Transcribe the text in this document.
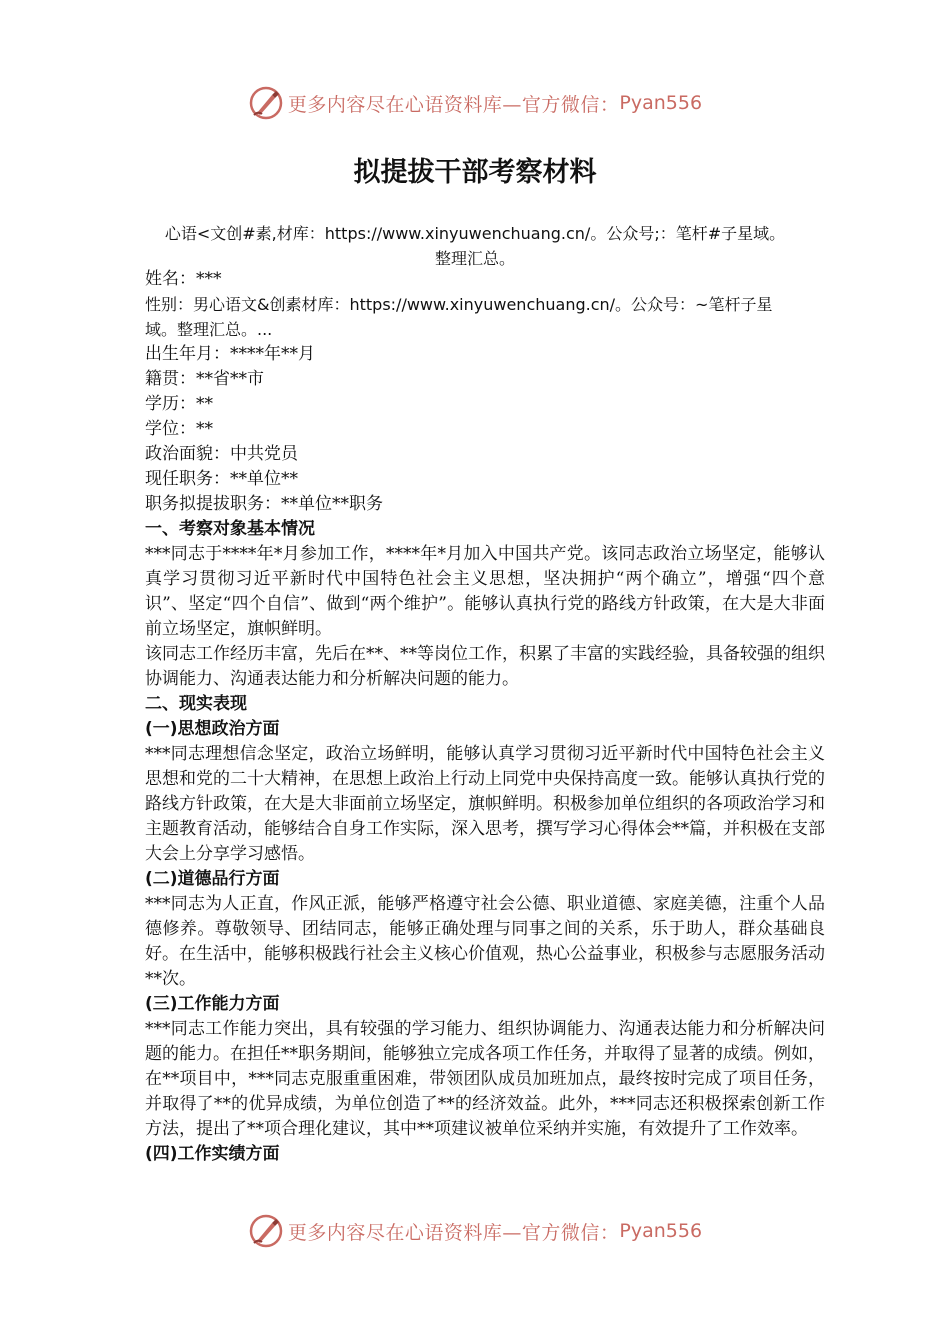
更多内容尽在心语资料库—官方微信： Pyan556
拟提拔干部考察材料
心语<文创#素,材库：https://www.xinyuwenchuang.cn/。公众号;：笔杆#子星域。
整理汇总。
姓名：***
性别：男心语文&创素材库：https://www.xinyuwenchuang.cn/。公众号：~笔杆子星
域。整理汇总。...
出生年月：****年**月
籍贯：**省**市
学历：**
学位：**
政治面貌：中共党员
现任职务：**单位**
职务拟提拔职务：**单位**职务
一、考察对象基本情况
***同志于****年*月参加工作，****年*月加入中国共产党。该同志政治立场坚定，能够认真学习贯彻习近平新时代中国特色社会主义思想，坚决拥护“两个确立”，增强“四个意识”、坚定“四个自信”、做到“两个维护”。能够认真执行党的路线方针政策，在大是大非面前立场坚定，旗帜鲜明。
该同志工作经历丰富，先后在**、**等岗位工作，积累了丰富的实践经验，具备较强的组织协调能力、沟通表达能力和分析解决问题的能力。
二、现实表现
(一)思想政治方面
***同志理想信念坚定，政治立场鲜明，能够认真学习贯彻习近平新时代中国特色社会主义思想和党的二十大精神，在思想上政治上行动上同党中央保持高度一致。能够认真执行党的路线方针政策，在大是大非面前立场坚定，旗帜鲜明。积极参加单位组织的各项政治学习和主题教育活动，能够结合自身工作实际，深入思考，撰写学习心得体会**篇，并积极在支部大会上分享学习感悟。
(二)道德品行方面
***同志为人正直，作风正派，能够严格遵守社会公德、职业道德、家庭美德，注重个人品德修养。尊敬领导、团结同志，能够正确处理与同事之间的关系，乐于助人，群众基础良好。在生活中，能够积极践行社会主义核心价值观，热心公益事业，积极参与志愿服务活动**次。
(三)工作能力方面
***同志工作能力突出，具有较强的学习能力、组织协调能力、沟通表达能力和分析解决问题的能力。在担任**职务期间，能够独立完成各项工作任务，并取得了显著的成绩。例如，在**项目中，***同志克服重重困难，带领团队成员加班加点，最终按时完成了项目任务，并取得了**的优异成绩，为单位创造了**的经济效益。此外，***同志还积极探索创新工作方法，提出了**项合理化建议，其中**项建议被单位采纳并实施，有效提升了工作效率。
(四)工作实绩方面
更多内容尽在心语资料库—官方微信： Pyan556
